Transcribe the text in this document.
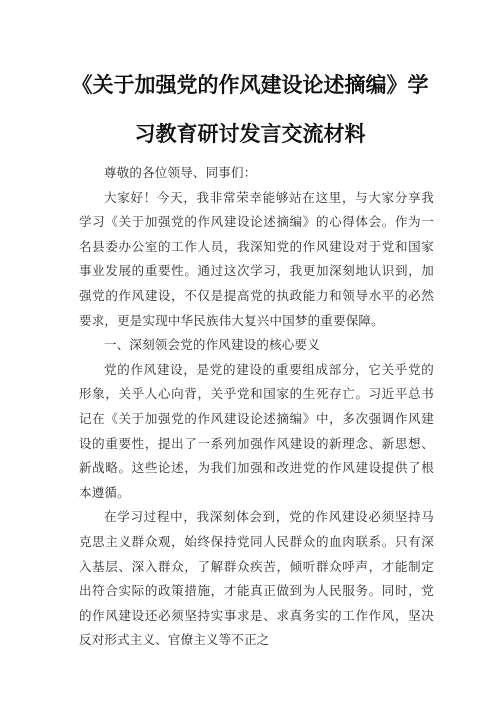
《关于加强党的作风建设论述摘编》学
习教育研讨发言交流材料

尊敬的各位领导、同事们：

大家好！今天，我非常荣幸能够站在这里，与大家分享我学习《关于加强党的作风建设论述摘编》的心得体会。作为一名县委办公室的工作人员，我深知党的作风建设对于党和国家事业发展的重要性。通过这次学习，我更加深刻地认识到，加强党的作风建设，不仅是提高党的执政能力和领导水平的必然要求，更是实现中华民族伟大复兴中国梦的重要保障。

一、深刻领会党的作风建设的核心要义

党的作风建设，是党的建设的重要组成部分，它关乎党的形象，关乎人心向背，关乎党和国家的生死存亡。习近平总书记在《关于加强党的作风建设论述摘编》中，多次强调作风建设的重要性，提出了一系列加强作风建设的新理念、新思想、新战略。这些论述，为我们加强和改进党的作风建设提供了根本遵循。

在学习过程中，我深刻体会到，党的作风建设必须坚持马克思主义群众观，始终保持党同人民群众的血肉联系。只有深入基层、深入群众，了解群众疾苦，倾听群众呼声，才能制定出符合实际的政策措施，才能真正做到为人民服务。同时，党的作风建设还必须坚持实事求是、求真务实的工作作风，坚决反对形式主义、官僚主义等不正之
